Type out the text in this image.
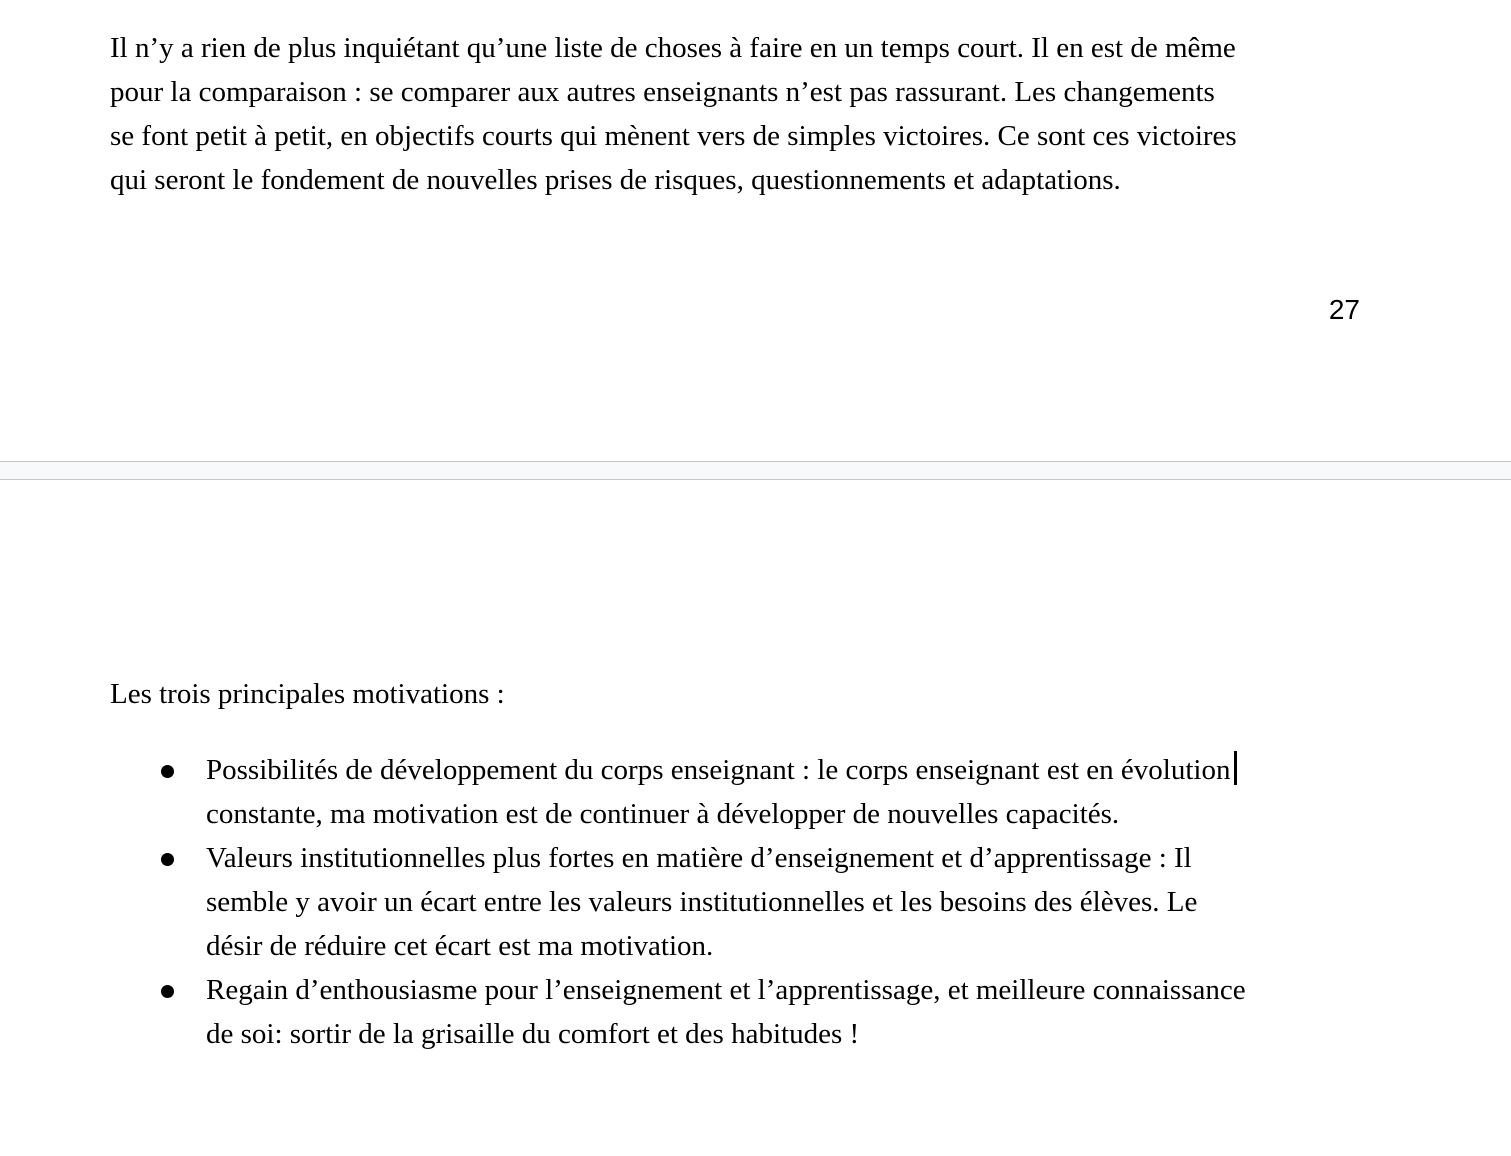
Il n’y a rien de plus inquiétant qu’une liste de choses à faire en un temps court. Il en est de même
pour la comparaison : se comparer aux autres enseignants n’est pas rassurant. Les changements
se font petit à petit, en objectifs courts qui mènent vers de simples victoires. Ce sont ces victoires
qui seront le fondement de nouvelles prises de risques, questionnements et adaptations.

27

Les trois principales motivations :

Possibilités de développement du corps enseignant : le corps enseignant est en évolution
constante, ma motivation est de continuer à développer de nouvelles capacités.
Valeurs institutionnelles plus fortes en matière d’enseignement et d’apprentissage : Il
semble y avoir un écart entre les valeurs institutionnelles et les besoins des élèves. Le
désir de réduire cet écart est ma motivation.
Regain d’enthousiasme pour l’enseignement et l’apprentissage, et meilleure connaissance
de soi: sortir de la grisaille du comfort et des habitudes !
